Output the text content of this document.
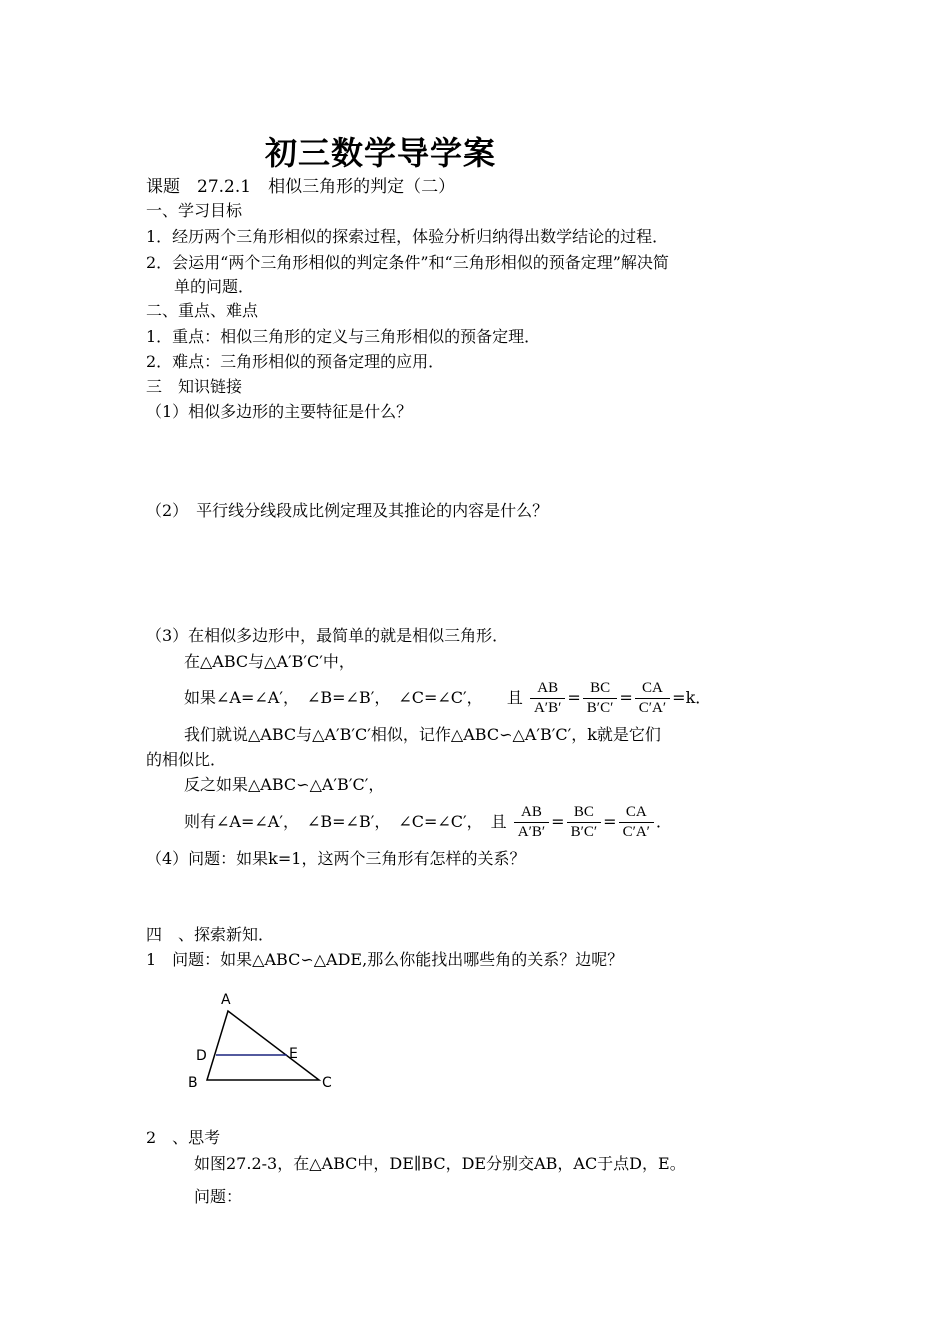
初三数学导学案
课题　27.2.1　相似三角形的判定（二）
一、学习目标
1．经历两个三角形相似的探索过程，体验分析归纳得出数学结论的过程．
2．会运用“两个三角形相似的判定条件”和“三角形相似的预备定理”解决简
单的问题．
二、重点、难点
1．重点：相似三角形的定义与三角形相似的预备定理．
2．难点：三角形相似的预备定理的应用．
三　知识链接
（1）相似多边形的主要特征是什么？
（2）　平行线分线段成比例定理及其推论的内容是什么？
（3）在相似多边形中，最简单的就是相似三角形．
在△ABC与△A′B′C′中，
如果∠A=∠A′，　∠B=∠B′，　∠C=∠C′， 且 $\frac{AB}{A'B'} = \frac{BC}{B'C'} = \frac{CA}{C'A'} =k$．
我们就说△ABC与△A′B′C′相似，记作△ABC∽△A′B′C′，k就是它们
的相似比．
反之如果△ABC∽△A′B′C′，
则有∠A=∠A′，　∠B=∠B′，　∠C=∠C′，　且 $\frac{AB}{A'B'} = \frac{BC}{B'C'} = \frac{CA}{C'A'}$ ．
（4）问题：如果k=1，这两个三角形有怎样的关系？
四　、探索新知．
1　问题：如果△ABC∽△ADE,那么你能找出哪些角的关系？边呢？
A
D	E
B	C
2　、思考
如图27.2-3，在△ABC中，DE∥BC，DE分别交AB，AC于点D，E。
问题：
